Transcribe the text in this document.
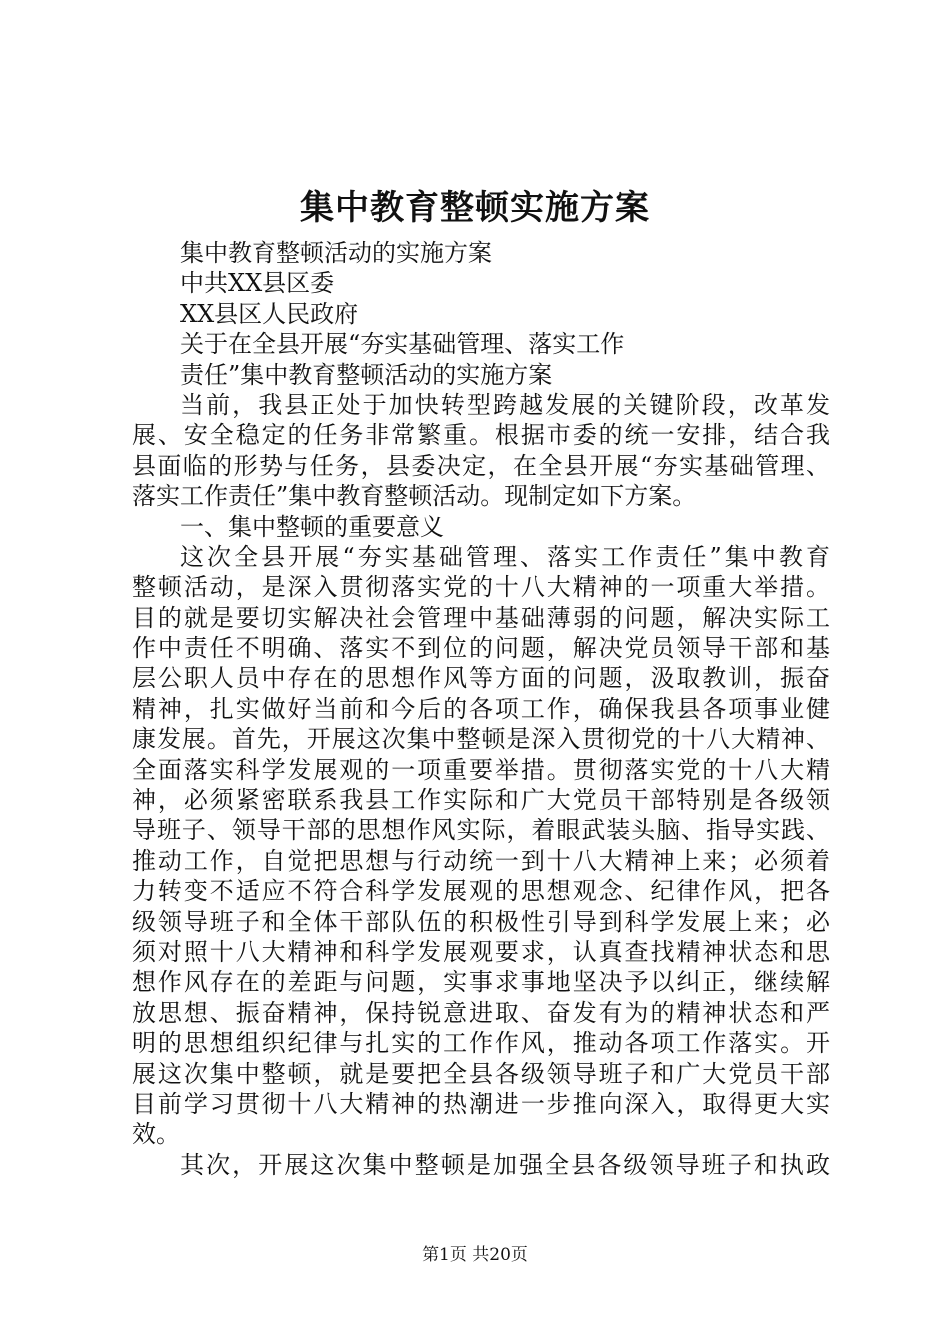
集中教育整顿实施方案

集中教育整顿活动的实施方案

中共XX县区委

XX县区人民政府

关于在全县开展“夯实基础管理、落实工作

责任”集中教育整顿活动的实施方案

当前，我县正处于加快转型跨越发展的关键阶段，改革发

展、安全稳定的任务非常繁重。根据市委的统一安排，结合我

县面临的形势与任务，县委决定，在全县开展“夯实基础管理、

落实工作责任”集中教育整顿活动。现制定如下方案。

一、集中整顿的重要意义

这次全县开展“夯实基础管理、落实工作责任”集中教育

整顿活动，是深入贯彻落实党的十八大精神的一项重大举措。

目的就是要切实解决社会管理中基础薄弱的问题，解决实际工

作中责任不明确、落实不到位的问题，解决党员领导干部和基

层公职人员中存在的思想作风等方面的问题，汲取教训，振奋

精神，扎实做好当前和今后的各项工作，确保我县各项事业健

康发展。首先，开展这次集中整顿是深入贯彻党的十八大精神、

全面落实科学发展观的一项重要举措。贯彻落实党的十八大精

神，必须紧密联系我县工作实际和广大党员干部特别是各级领

导班子、领导干部的思想作风实际，着眼武装头脑、指导实践、

推动工作，自觉把思想与行动统一到十八大精神上来；必须着

力转变不适应不符合科学发展观的思想观念、纪律作风，把各

级领导班子和全体干部队伍的积极性引导到科学发展上来；必

须对照十八大精神和科学发展观要求，认真查找精神状态和思

想作风存在的差距与问题，实事求事地坚决予以纠正，继续解

放思想、振奋精神，保持锐意进取、奋发有为的精神状态和严

明的思想组织纪律与扎实的工作作风，推动各项工作落实。开

展这次集中整顿，就是要把全县各级领导班子和广大党员干部

目前学习贯彻十八大精神的热潮进一步推向深入，取得更大实

效。

其次，开展这次集中整顿是加强全县各级领导班子和执政

第1页 共20页
